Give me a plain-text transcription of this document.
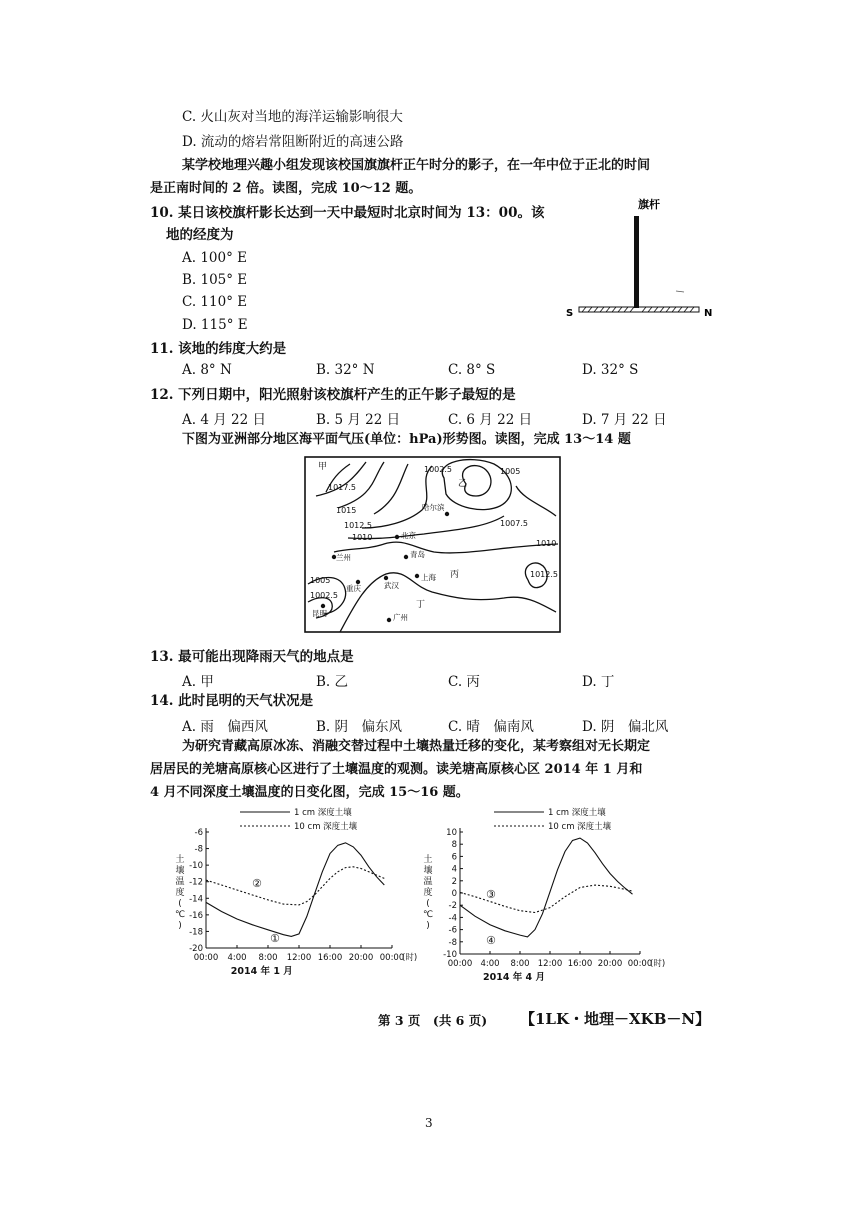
C. 火山灰对当地的海洋运输影响很大
D. 流动的熔岩常阻断附近的高速公路
某学校地理兴趣小组发现该校国旗旗杆正午时分的影子，在一年中位于正北的时间
是正南时间的 2 倍。读图，完成 10～12 题。
10. 某日该校旗杆影长达到一天中最短时北京时间为 13：00。该
地的经度为
A. 100° E
B. 105° E
C. 110° E
D. 115° E
旗杆
S	N
11. 该地的纬度大约是
A. 8° N	B. 32° N	C. 8° S	D. 32° S
12. 下列日期中，阳光照射该校旗杆产生的正午影子最短的是
A. 4 月 22 日	B. 5 月 22 日	C. 6 月 22 日	D. 7 月 22 日
下图为亚洲部分地区海平面气压(单位：hPa)形势图。读图，完成 13～14 题
1002.5	1005
1017.5
1015
1012.5	1007.5
1010
1010
1012.5
1005
1002.5
甲
乙
丙
丁
哈尔滨
北京
兰州	青岛
上海
武汉
重庆
昆明	广州
13. 最可能出现降雨天气的地点是
A. 甲	B. 乙	C. 丙	D. 丁
14. 此时昆明的天气状况是
A. 雨　偏西风	B. 阴　偏东风	C. 晴　偏南风	D. 阴　偏北风
为研究青藏高原冰冻、消融交替过程中土壤热量迁移的变化，某考察组对无长期定
居居民的羌塘高原核心区进行了土壤温度的观测。读羌塘高原核心区 2014 年 1 月和
4 月不同深度土壤温度的日变化图，完成 15～16 题。
1 cm 深度土壤
10 cm 深度土壤
-6
-8
-10
-12
-14
-16
-18
-20
00:00 4:00 8:00 12:00 16:00 20:00 00:00
(时)
土
壤
温
度
(
℃
)
2014 年 1 月
①
②
1 cm 深度土壤
10 cm 深度土壤
10
8
6
4
2
0
-2
-4
-6
-8
-10
00:00 4:00 8:00 12:00 16:00 20:00 00:00
(时)
土
壤
温
度
(
℃
)
2014 年 4 月
④
③
第 3 页　(共 6 页) 【1LK・地理－XKB－N】
3
